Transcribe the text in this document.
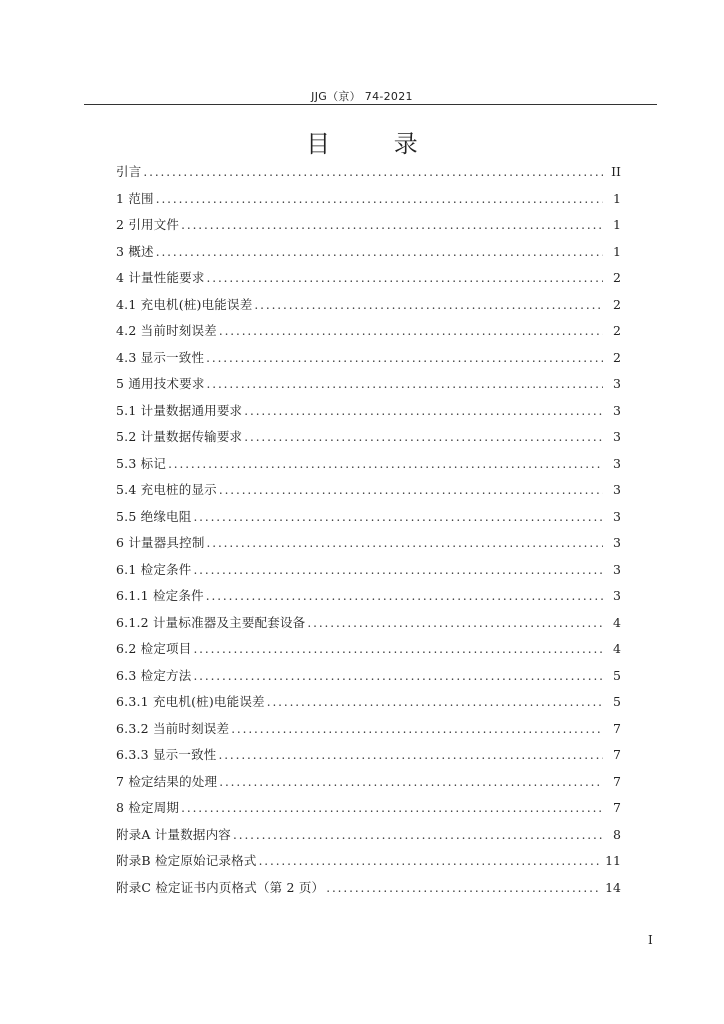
JJG（京） 74-2021
目 录
引言 .....	II
1 范围 .....	1
2 引用文件 .....	1
3 概述 .....	1
4 计量性能要求 .....	2
4.1 充电机(桩)电能误差 .....	2
4.2 当前时刻误差 .....	2
4.3 显示一致性 .....	2
5 通用技术要求 .....	3
5.1 计量数据通用要求 .....	3
5.2 计量数据传输要求 .....	3
5.3 标记 .....	3
5.4 充电桩的显示 .....	3
5.5 绝缘电阻 .....	3
6 计量器具控制 .....	3
6.1 检定条件 .....	3
6.1.1 检定条件 .....	3
6.1.2 计量标准器及主要配套设备 .....	4
6.2 检定项目 .....	4
6.3 检定方法 .....	5
6.3.1 充电机(桩)电能误差 .....	5
6.3.2 当前时刻误差 .....	7
6.3.3 显示一致性 .....	7
7 检定结果的处理 .....	7
8 检定周期 .....	7
附录A 计量数据内容 .....	8
附录B 检定原始记录格式 .....	11
附录C 检定证书内页格式（第 2 页） .....	14
I
